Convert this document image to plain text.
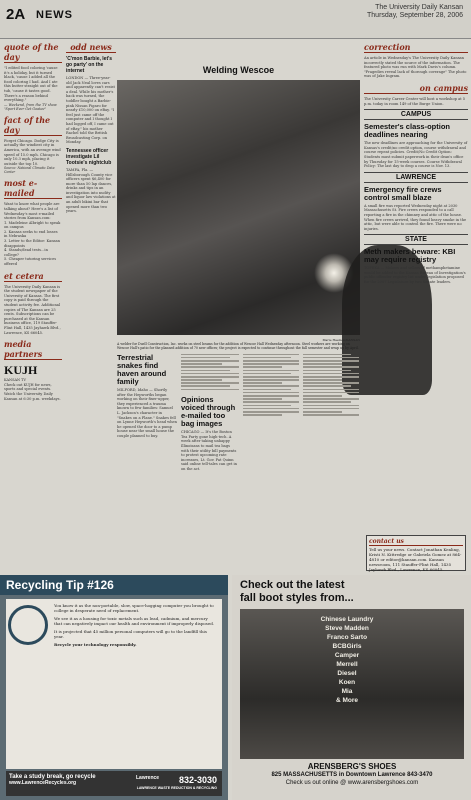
2A NEWS
The University Daily Kansan
Thursday, September 28, 2006
quote of the day
"I edited food coloring 'cause it's a holiday, but it turned black, 'cause I added all the food coloring I had. And I ate this butter straight out of the tub, 'cause it tastes good. There's a reason behind everything."
— Weekend, from the TV show "Sport Ever Get Goatee"
fact of the day
Forget Chicago. Dodge City is actually the windiest city in America, with an average wind speed of 15.0 mph. Chicago is only 10.3 mph, placing it outside the top 10.
Source: National Climatic Data Center
most e-mailed
Want to know what people are talking about? Here's a list of Wednesday's most e-mailed stories from Kansan.com:
1. Madeleine Albright to speak on campus
2. Kansas seeks to end losses in Nebraska
3. Letter to the Editor: Kansan disappoints
4. Stands/dead tests...in college?
5. Cheaper tutoring services offered
et cetera
The University Daily Kansan is the student newspaper of the University of Kansas. The first copy is paid through the student activity fee. Additional copies of The Kansan are 25 cents. Subscriptions can be purchased at the Kansan business office, 119 Stauffer-Flint Hall, 1435 Jayhawk Blvd., Lawrence, KS 66045.
media partners
KUJH
KANSAN TV
Check out KUJH for news, sports and special events. Watch the University Daily Kansan at 6:30 p.m. weekdays.
odd news
'C'mon Barbie, let's go party' on the internet
LONDON — Three-year-old Jack Neal loves cars and apparently can't resist a deal. While his mother's back was turned, the toddler bought a Barbie-pink Nissan Figaro for nearly £10,000 on eBay. "I feel just came off the computer and I thought I had logged off, I came out of eBay," his mother Rachel told the British Broadcasting Corp. on Monday.
Tennessee officer investigate Lil Tootsie's nightclub
TAMPA, Fla. — Hillsborough County vice officers spent $6,400 for more than 50 lap dances, drinks and tips in an investigation into nudity and liquor law violations at an adult bikini bar that opened more than two years.
Welding Wescoe
Marie Haemon/KANSAN
A welder for Duell Construction, Inc. works on steel beams for the addition of Wescoe Hall Wednesday afternoon. Steel workers are working on Wescoe Hall's patio for the planned addition of 70 new offices; the project is expected to continue throughout the fall semester and wrap up by April.
Terrestrial snakes find haven around family
MILFORD, Idaho — Shortly after the Hepworths began working on their fixer-upper, they experienced a trauma known to few families: Samuel L. Jackson's character in "Snakes on a Plane." Snakes fell on Lynne Hepworth's head when he opened the door to a pump house near the small house the couple planned to buy.
Opinions voiced through e-mailed too bag images
CHICAGO — It's the Boston Tea Party gone high-tech. A week after taking unhappy Illinoisans to mail tea bags with their utility bill payments to protest upcoming rate increases, Lt. Gov. Pat Quinn said online tell-tales can get in on the act.
correction
An article in Wednesday's The University Daily Kansan incorrectly stated the source of the information. The featured photo was run with Mark Davis's column. "Fragedies reveal lack of thorough coverage" The photo was of Jake Ingram.
on campus
The University Career Center will host a workshop at 5 p.m. today in room 149 of the Burge Union.
CAMPUS
Semester's class-option deadlines nearing
The new deadlines are approaching for the University of Kansas's credit/no credit option, course withdrawal and course repeat policies. Credit/No Credit Option: Students must submit paperwork in their dean's office by Thursday for 15-week courses. Course Withdrawal Policy: The last day to drop a course is Nov. 13.
LAWRENCE
Emergency fire crews control small blaze
A small fire was reported Wednesday night at 2030 Massachusetts St. Fire crews responded to a call reporting a fire in the chimney and attic of the house. When fire crews arrived, they found heavy smoke in the attic, but were able to control the fire. There were no injuries.
STATE
Meth makers beware: KBI may require registry
TOPEKA — Makers and sellers of methamphetamine would be added to the Kansas Bureau of Investigation's public offender registry list under legislation proposed for the 2007 Legislature by two Senate leaders.
contact us
Tell us your news. Contact Jonathan Kealing, Kristi N. Kittredge or Gabriela Gomez at 864-4810 or editor@kansan.com. Kansan newsroom, 111 Stauffer-Flint Hall, 1435 Jayhawk Blvd., Lawrence, KS 66045.
Recycling Tip #126

You know it as the non-portable, slow, space-hogging computer you brought to college in desperate need of replacement.

We see it as a housing for toxic metals such as lead, cadmium, and mercury that can negatively impact our health and environment if improperly disposed.

It is projected that 45 million personal computers will go to the landfill this year.

Recycle your technology responsibly.

Take a study break, go recycle
www.LawrenceRecycles.org	832-3030
LAWRENCE WASTE REDUCTION & RECYCLING
Lawrence
Check out the latest
fall boot styles from...
Chinese Laundry
Steve Madden
Franco Sarto
BCBGirls
Camper
Merrell
Diesel
Koen
Mia
& More
ARENSBERG'S SHOES
825 MASSACHUSETTS in Downtown Lawrence 843-3470
Check us out online @ www.arensbergshoes.com
